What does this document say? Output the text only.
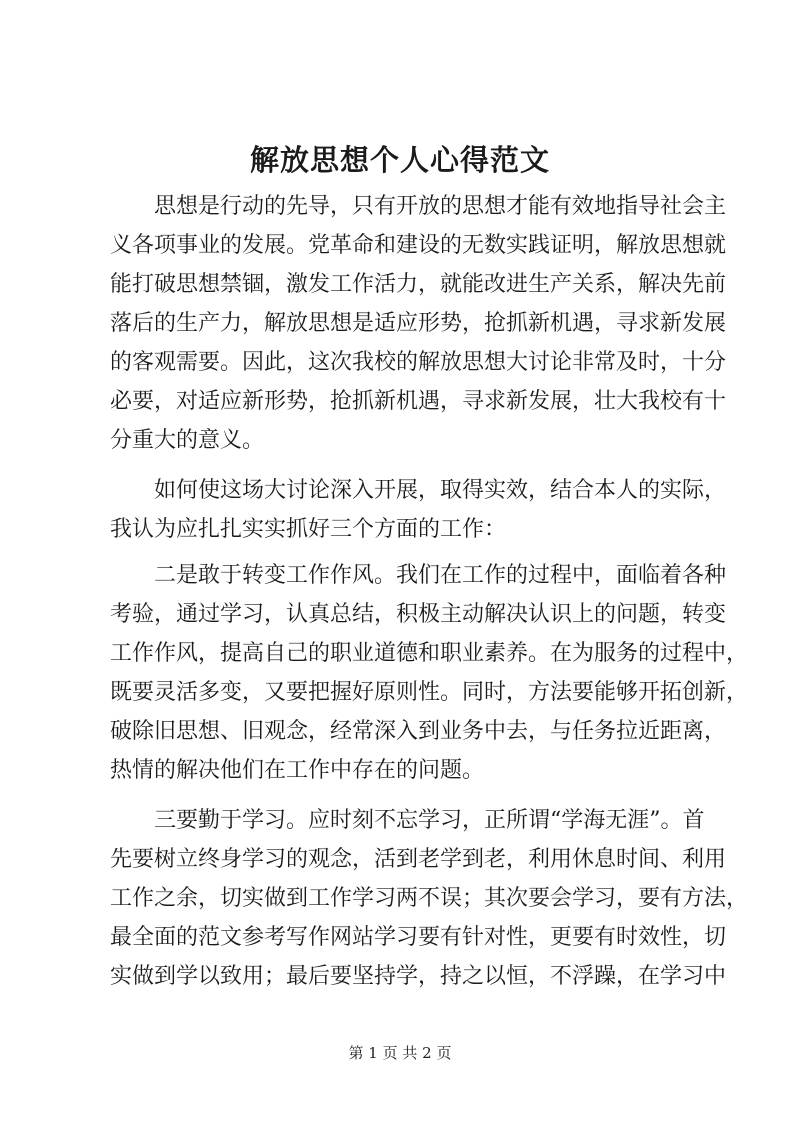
解放思想个人心得范文
　　思想是行动的先导，只有开放的思想才能有效地指导社会主
义各项事业的发展。党革命和建设的无数实践证明，解放思想就
能打破思想禁锢，激发工作活力，就能改进生产关系，解决先前
落后的生产力，解放思想是适应形势，抢抓新机遇，寻求新发展
的客观需要。因此，这次我校的解放思想大讨论非常及时，十分
必要，对适应新形势，抢抓新机遇，寻求新发展，壮大我校有十
分重大的意义。
　　如何使这场大讨论深入开展，取得实效，结合本人的实际，
我认为应扎扎实实抓好三个方面的工作：
　　二是敢于转变工作作风。我们在工作的过程中，面临着各种
考验，通过学习，认真总结，积极主动解决认识上的问题，转变
工作作风，提高自己的职业道德和职业素养。在为服务的过程中，
既要灵活多变，又要把握好原则性。同时，方法要能够开拓创新，
破除旧思想、旧观念，经常深入到业务中去，与任务拉近距离，
热情的解决他们在工作中存在的问题。
　　三要勤于学习。应时刻不忘学习，正所谓“学海无涯”。首
先要树立终身学习的观念，活到老学到老，利用休息时间、利用
工作之余，切实做到工作学习两不误；其次要会学习，要有方法，
最全面的范文参考写作网站学习要有针对性，更要有时效性，切
实做到学以致用；最后要坚持学，持之以恒，不浮躁，在学习中
第 1 页 共 2 页
